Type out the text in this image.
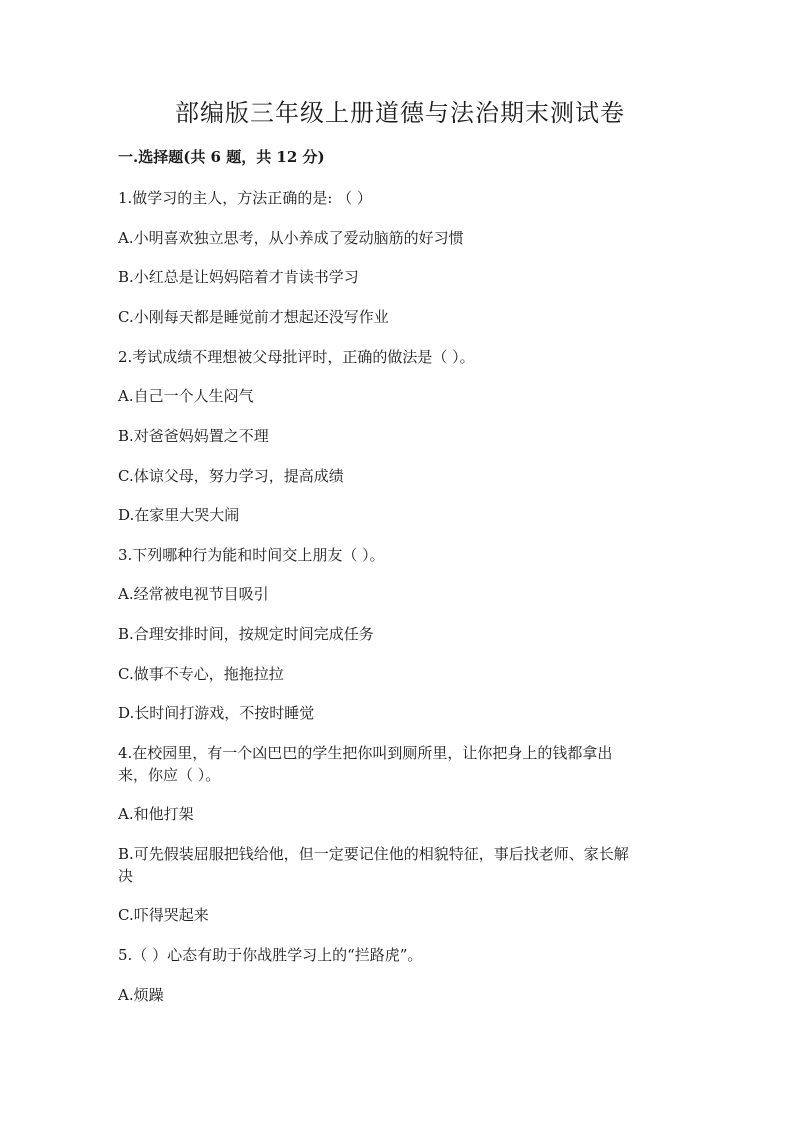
部编版三年级上册道德与法治期末测试卷
一.选择题(共 6 题，共 12 分)
1.做学习的主人，方法正确的是: （ ）
A.小明喜欢独立思考，从小养成了爱动脑筋的好习惯
B.小红总是让妈妈陪着才肯读书学习
C.小刚每天都是睡觉前才想起还没写作业
2.考试成绩不理想被父母批评时，正确的做法是（ ）。
A.自己一个人生闷气
B.对爸爸妈妈置之不理
C.体谅父母，努力学习，提高成绩
D.在家里大哭大闹
3.下列哪种行为能和时间交上朋友（ ）。
A.经常被电视节目吸引
B.合理安排时间，按规定时间完成任务
C.做事不专心，拖拖拉拉
D.长时间打游戏，不按时睡觉
4.在校园里，有一个凶巴巴的学生把你叫到厕所里，让你把身上的钱都拿出
来，你应（ ）。
A.和他打架
B.可先假装屈服把钱给他，但一定要记住他的相貌特征，事后找老师、家长解
决
C.吓得哭起来
5.（ ）心态有助于你战胜学习上的“拦路虎”。
A.烦躁
